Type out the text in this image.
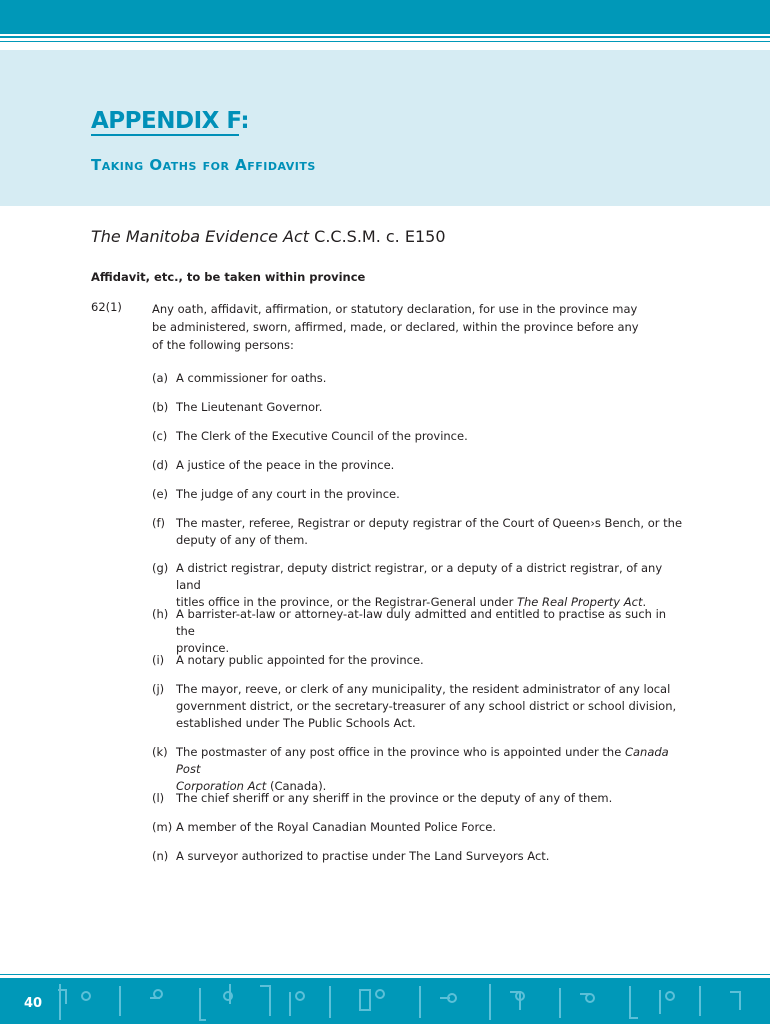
APPENDIX F:
Taking Oaths for Affidavits
The Manitoba Evidence Act C.C.S.M. c. E150
Affidavit, etc., to be taken within province
62(1)	Any oath, affidavit, affirmation, or statutory declaration, for use in the province may
be administered, sworn, affirmed, made, or declared, within the province before any
of the following persons:
(a) A commissioner for oaths.
(b) The Lieutenant Governor.
(c) The Clerk of the Executive Council of the province.
(d) A justice of the peace in the province.
(e) The judge of any court in the province.
(f) The master, referee, Registrar or deputy registrar of the Court of Queen›s Bench, or the
deputy of any of them.
(g) A district registrar, deputy district registrar, or a deputy of a district registrar, of any land
titles office in the province, or the Registrar-General under The Real Property Act.
(h) A barrister-at-law or attorney-at-law duly admitted and entitled to practise as such in the
province.
(i)	A notary public appointed for the province.
(j)	The mayor, reeve, or clerk of any municipality, the resident administrator of any local
government district, or the secretary-treasurer of any school district or school division,
established under The Public Schools Act.
(k) The postmaster of any post office in the province who is appointed under the Canada Post
Corporation Act (Canada).
(l)	The chief sheriff or any sheriff in the province or the deputy of any of them.
(m) A member of the Royal Canadian Mounted Police Force.
(n) A surveyor authorized to practise under The Land Surveyors Act.
40
